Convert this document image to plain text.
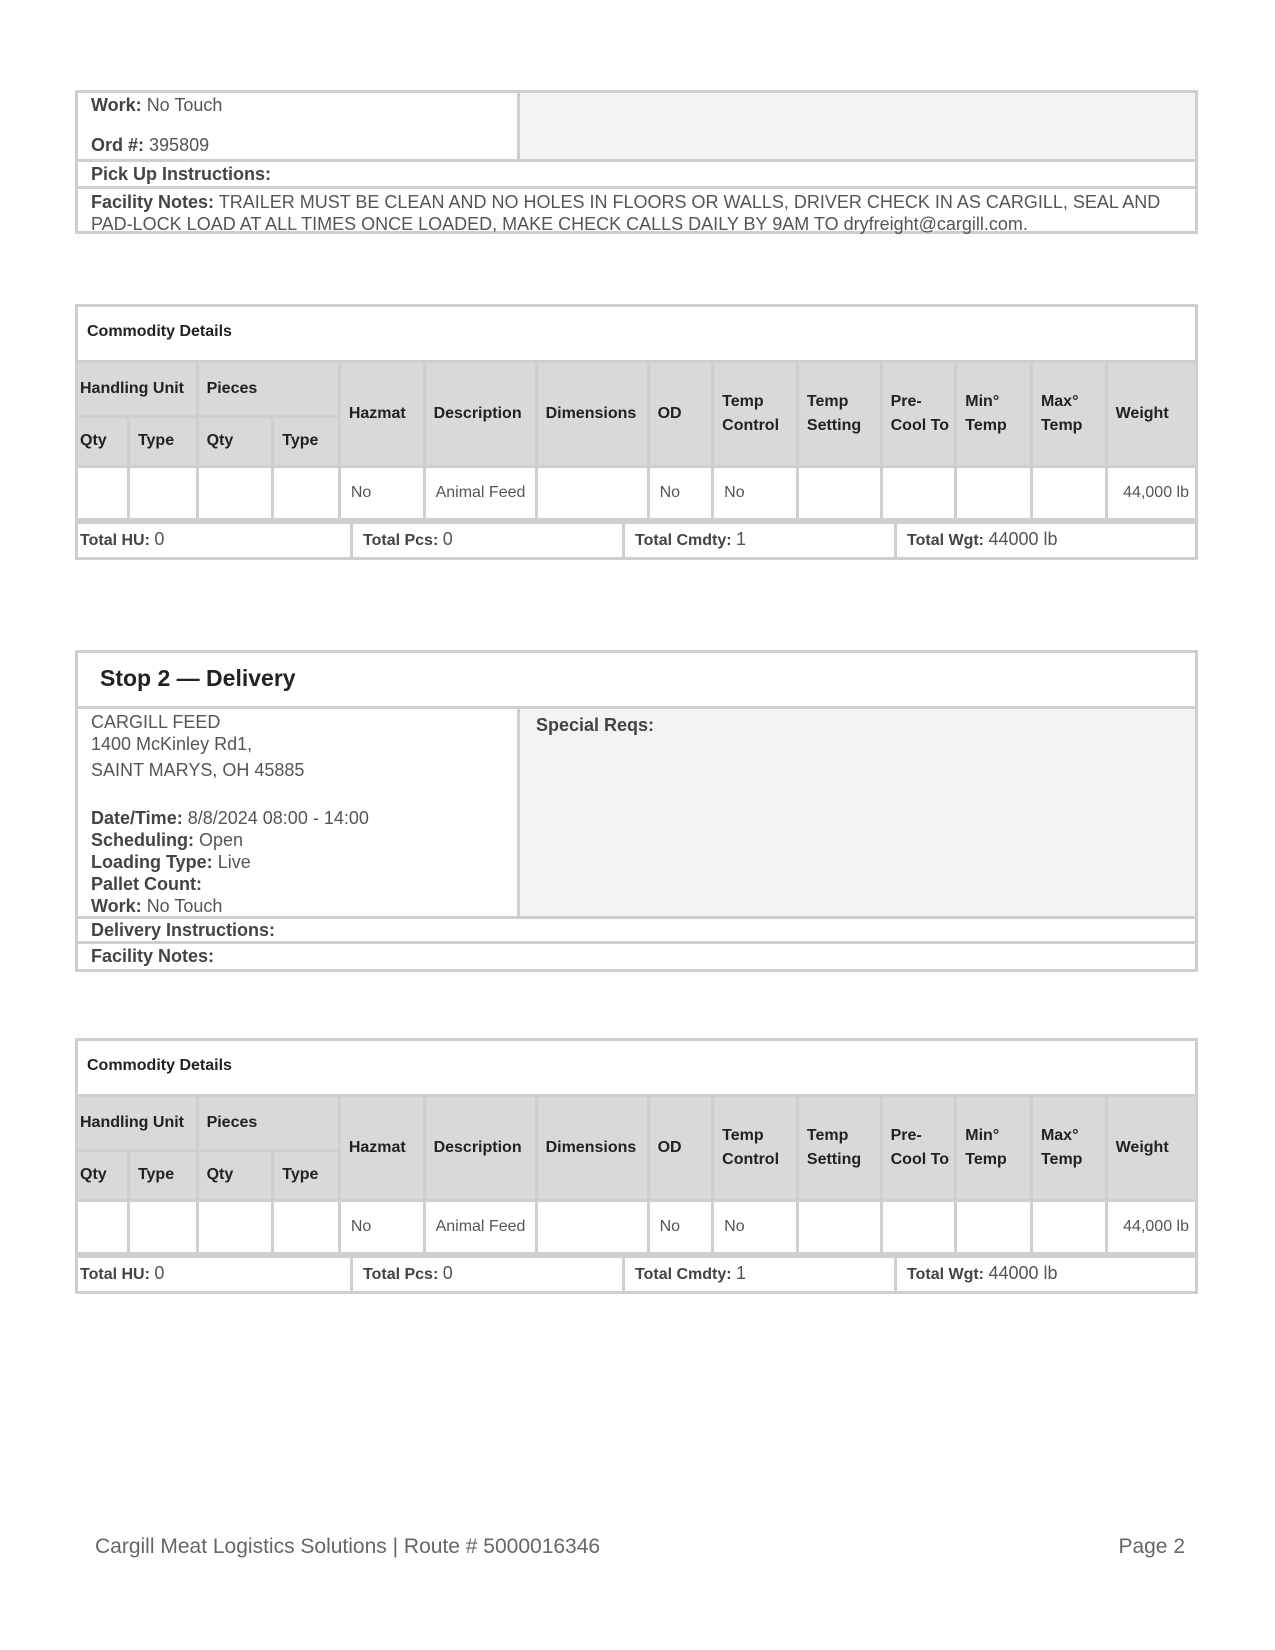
Work: No Touch
Ord #: 395809
Pick Up Instructions:
Facility Notes: TRAILER MUST BE CLEAN AND NO HOLES IN FLOORS OR WALLS, DRIVER CHECK IN AS CARGILL, SEAL AND PAD-LOCK LOAD AT ALL TIMES ONCE LOADED, MAKE CHECK CALLS DAILY BY 9AM TO dryfreight@cargill.com.
Commodity Details
Handling Unit		Pieces		Hazmat	Description	Dimensions	OD	Temp Control	Temp Setting	Pre-Cool To	Min° Temp	Max° Temp	Weight
Qty	Type	Qty	Type										
				No	Animal Feed		No	No					44,000 lb
Total HU: 0	Total Pcs: 0	Total Cmdty: 1	Total Wgt: 44000 lb
Stop 2 — Delivery
CARGILL FEED
1400 McKinley Rd1,
SAINT MARYS, OH 45885
Date/Time: 8/8/2024 08:00 - 14:00
Scheduling: Open
Loading Type: Live
Pallet Count:
Work: No Touch
Special Reqs:
Delivery Instructions:
Facility Notes:
Commodity Details
Handling Unit		Pieces		Hazmat	Description	Dimensions	OD	Temp Control	Temp Setting	Pre-Cool To	Min° Temp	Max° Temp	Weight
Qty	Type	Qty	Type										
				No	Animal Feed		No	No					44,000 lb
Total HU: 0	Total Pcs: 0	Total Cmdty: 1	Total Wgt: 44000 lb
Cargill Meat Logistics Solutions | Route # 5000016346	Page 2
